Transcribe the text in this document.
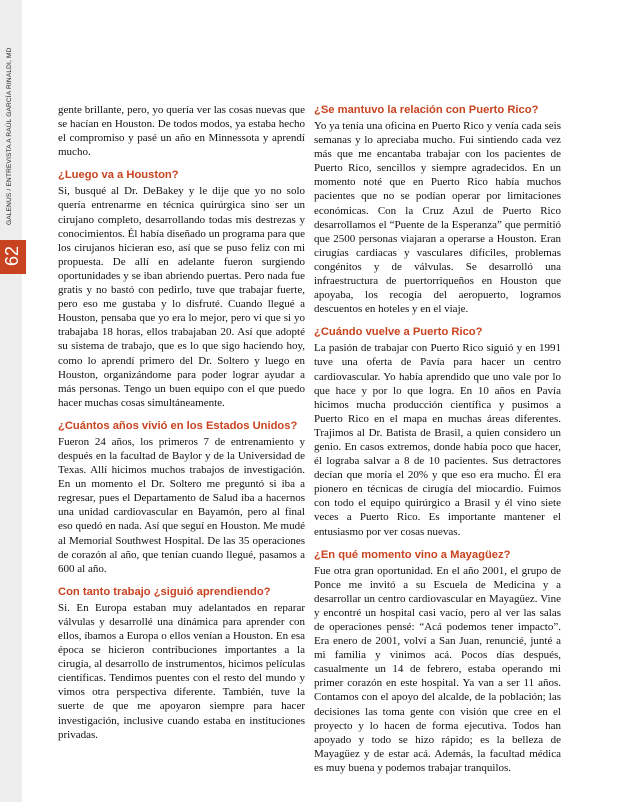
GALENUS / ENTREVISTA A RAÚL GARCÍA RINALDI, MD
62

gente brillante, pero, yo quería ver las cosas nuevas que se hacían en Houston. De todos modos, ya estaba hecho el compromiso y pasé un año en Minnessota y aprendí mucho.

¿Luego va a Houston?

Si, busqué al Dr. DeBakey y le dije que yo no solo quería entrenarme en técnica quirúrgica sino ser un cirujano completo, desarrollando todas mis destrezas y conocimientos. Él había diseñado un programa para que los cirujanos hicieran eso, así que se puso feliz con mi propuesta. De allí en adelante fueron surgiendo oportunidades y se iban abriendo puertas. Pero nada fue gratis y no bastó con pedirlo, tuve que trabajar fuerte, pero eso me gustaba y lo disfruté. Cuando llegué a Houston, pensaba que yo era lo mejor, pero vi que si yo trabajaba 18 horas, ellos trabajaban 20. Así que adopté su sistema de trabajo, que es lo que sigo haciendo hoy, como lo aprendí primero del Dr. Soltero y luego en Houston, organizándome para poder lograr ayudar a más personas. Tengo un buen equipo con el que puedo hacer muchas cosas simultáneamente.

¿Cuántos años vivió en los Estados Unidos?

Fueron 24 años, los primeros 7 de entrenamiento y después en la facultad de Baylor y de la Universidad de Texas. Allí hicimos muchos trabajos de investigación. En un momento el Dr. Soltero me preguntó si iba a regresar, pues el Departamento de Salud iba a hacernos una unidad cardiovascular en Bayamón, pero al final eso quedó en nada. Así que seguí en Houston. Me mudé al Memorial Southwest Hospital. De las 35 operaciones de corazón al año, que tenían cuando llegué, pasamos a 600 al año.

Con tanto trabajo ¿siguió aprendiendo?

Si. En Europa estaban muy adelantados en reparar válvulas y desarrollé una dinámica para aprender con ellos, íbamos a Europa o ellos venían a Houston. En esa época se hicieron contribuciones importantes a la cirugía, al desarrollo de instrumentos, hicimos películas científicas. Tendimos puentes con el resto del mundo y vimos otra perspectiva diferente. También, tuve la suerte de que me apoyaron siempre para hacer investigación, inclusive cuando estaba en instituciones privadas.

¿Se mantuvo la relación con Puerto Rico?

Yo ya tenía una oficina en Puerto Rico y venía cada seis semanas y lo apreciaba mucho. Fui sintiendo cada vez más que me encantaba trabajar con los pacientes de Puerto Rico, sencillos y siempre agradecidos. En un momento noté que en Puerto Rico había muchos pacientes que no se podían operar por limitaciones económicas. Con la Cruz Azul de Puerto Rico desarrollamos el “Puente de la Esperanza” que permitió que 2500 personas viajaran a operarse a Houston. Eran cirugías cardiacas y vasculares difíciles, problemas congénitos y de válvulas. Se desarrolló una infraestructura de puertorriqueños en Houston que apoyaba, los recogía del aeropuerto, logramos descuentos en hoteles y en el viaje.

¿Cuándo vuelve a Puerto Rico?

La pasión de trabajar con Puerto Rico siguió y en 1991 tuve una oferta de Pavía para hacer un centro cardiovascular. Yo había aprendido que uno vale por lo que hace y por lo que logra. En 10 años en Pavía hicimos mucha producción científica y pusimos a Puerto Rico en el mapa en muchas áreas diferentes. Trajimos al Dr. Batista de Brasil, a quien considero un genio. En casos extremos, donde había poco que hacer, él lograba salvar a 8 de 10 pacientes. Sus detractores decían que moría el 20% y que eso era mucho. Él era pionero en técnicas de cirugía del miocardio. Fuimos con todo el equipo quirúrgico a Brasil y él vino siete veces a Puerto Rico. Es importante mantener el entusiasmo por ver cosas nuevas.

¿En qué momento vino a Mayagüez?

Fue otra gran oportunidad. En el año 2001, el grupo de Ponce me invitó a su Escuela de Medicina y a desarrollar un centro cardiovascular en Mayagüez. Vine y encontré un hospital casi vacío, pero al ver las salas de operaciones pensé: “Acá podemos tener impacto”. Era enero de 2001, volví a San Juan, renuncié, junté a mi familia y vinimos acá. Pocos días después, casualmente un 14 de febrero, estaba operando mi primer corazón en este hospital. Ya van a ser 11 años. Contamos con el apoyo del alcalde, de la población; las decisiones las toma gente con visión que cree en el proyecto y lo hacen de forma ejecutiva. Todos han apoyado y todo se hizo rápido; es la belleza de Mayagüez y de estar acá. Además, la facultad médica es muy buena y podemos trabajar tranquilos.
